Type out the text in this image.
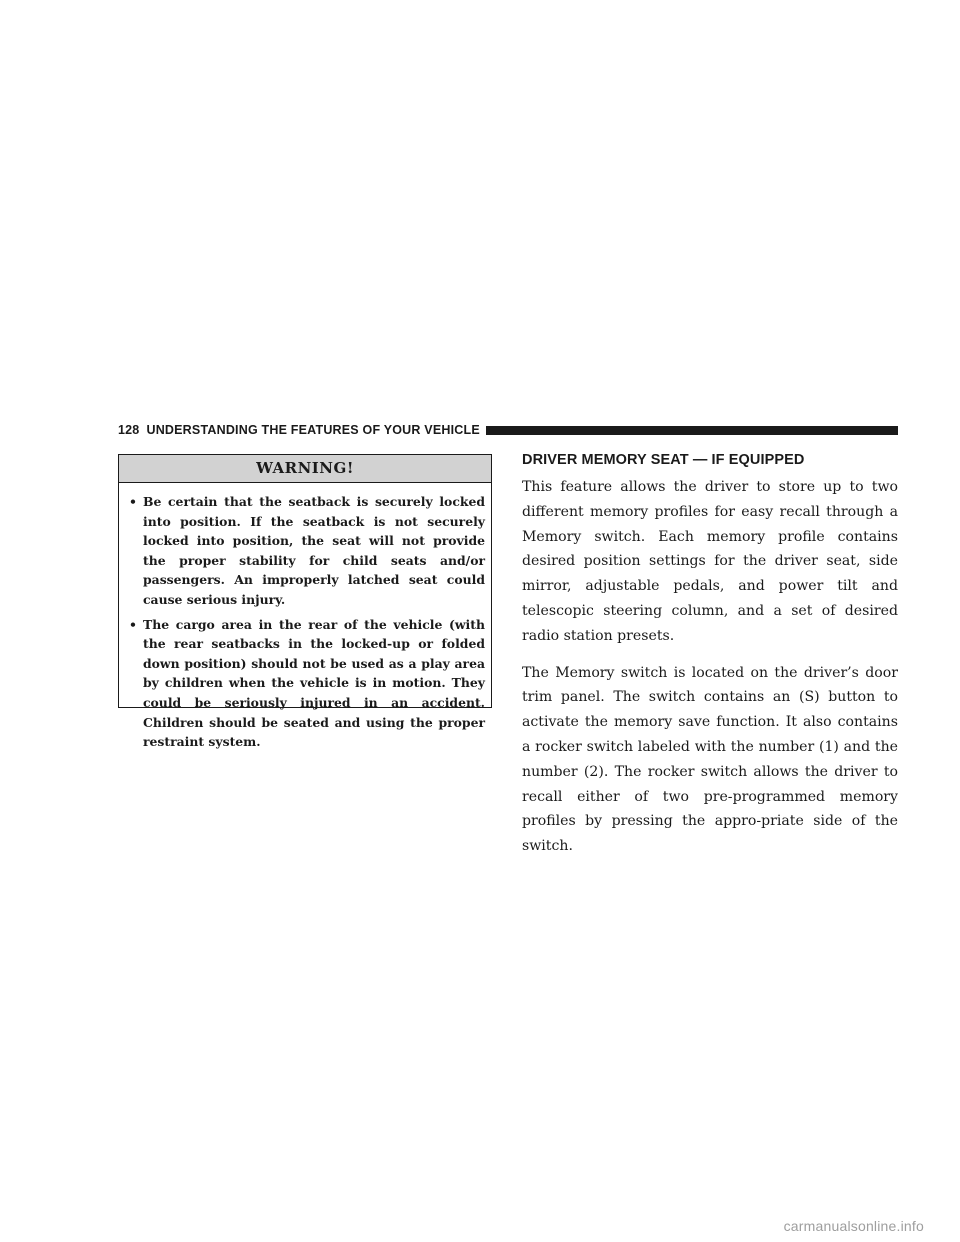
128 UNDERSTANDING THE FEATURES OF YOUR VEHICLE
WARNING!
• Be certain that the seatback is securely locked into position. If the seatback is not securely locked into position, the seat will not provide the proper stability for child seats and/or passengers. An improperly latched seat could cause serious injury.
• The cargo area in the rear of the vehicle (with the rear seatbacks in the locked-up or folded down position) should not be used as a play area by children when the vehicle is in motion. They could be seriously injured in an accident. Children should be seated and using the proper restraint system.
DRIVER MEMORY SEAT — IF EQUIPPED

This feature allows the driver to store up to two different memory profiles for easy recall through a Memory switch. Each memory profile contains desired position settings for the driver seat, side mirror, adjustable pedals, and power tilt and telescopic steering column, and a set of desired radio station presets.

The Memory switch is located on the driver’s door trim panel. The switch contains an (S) button to activate the memory save function. It also contains a rocker switch labeled with the number (1) and the number (2). The rocker switch allows the driver to recall either of two pre-programmed memory profiles by pressing the appro-priate side of the switch.

carmanualsonline.info
